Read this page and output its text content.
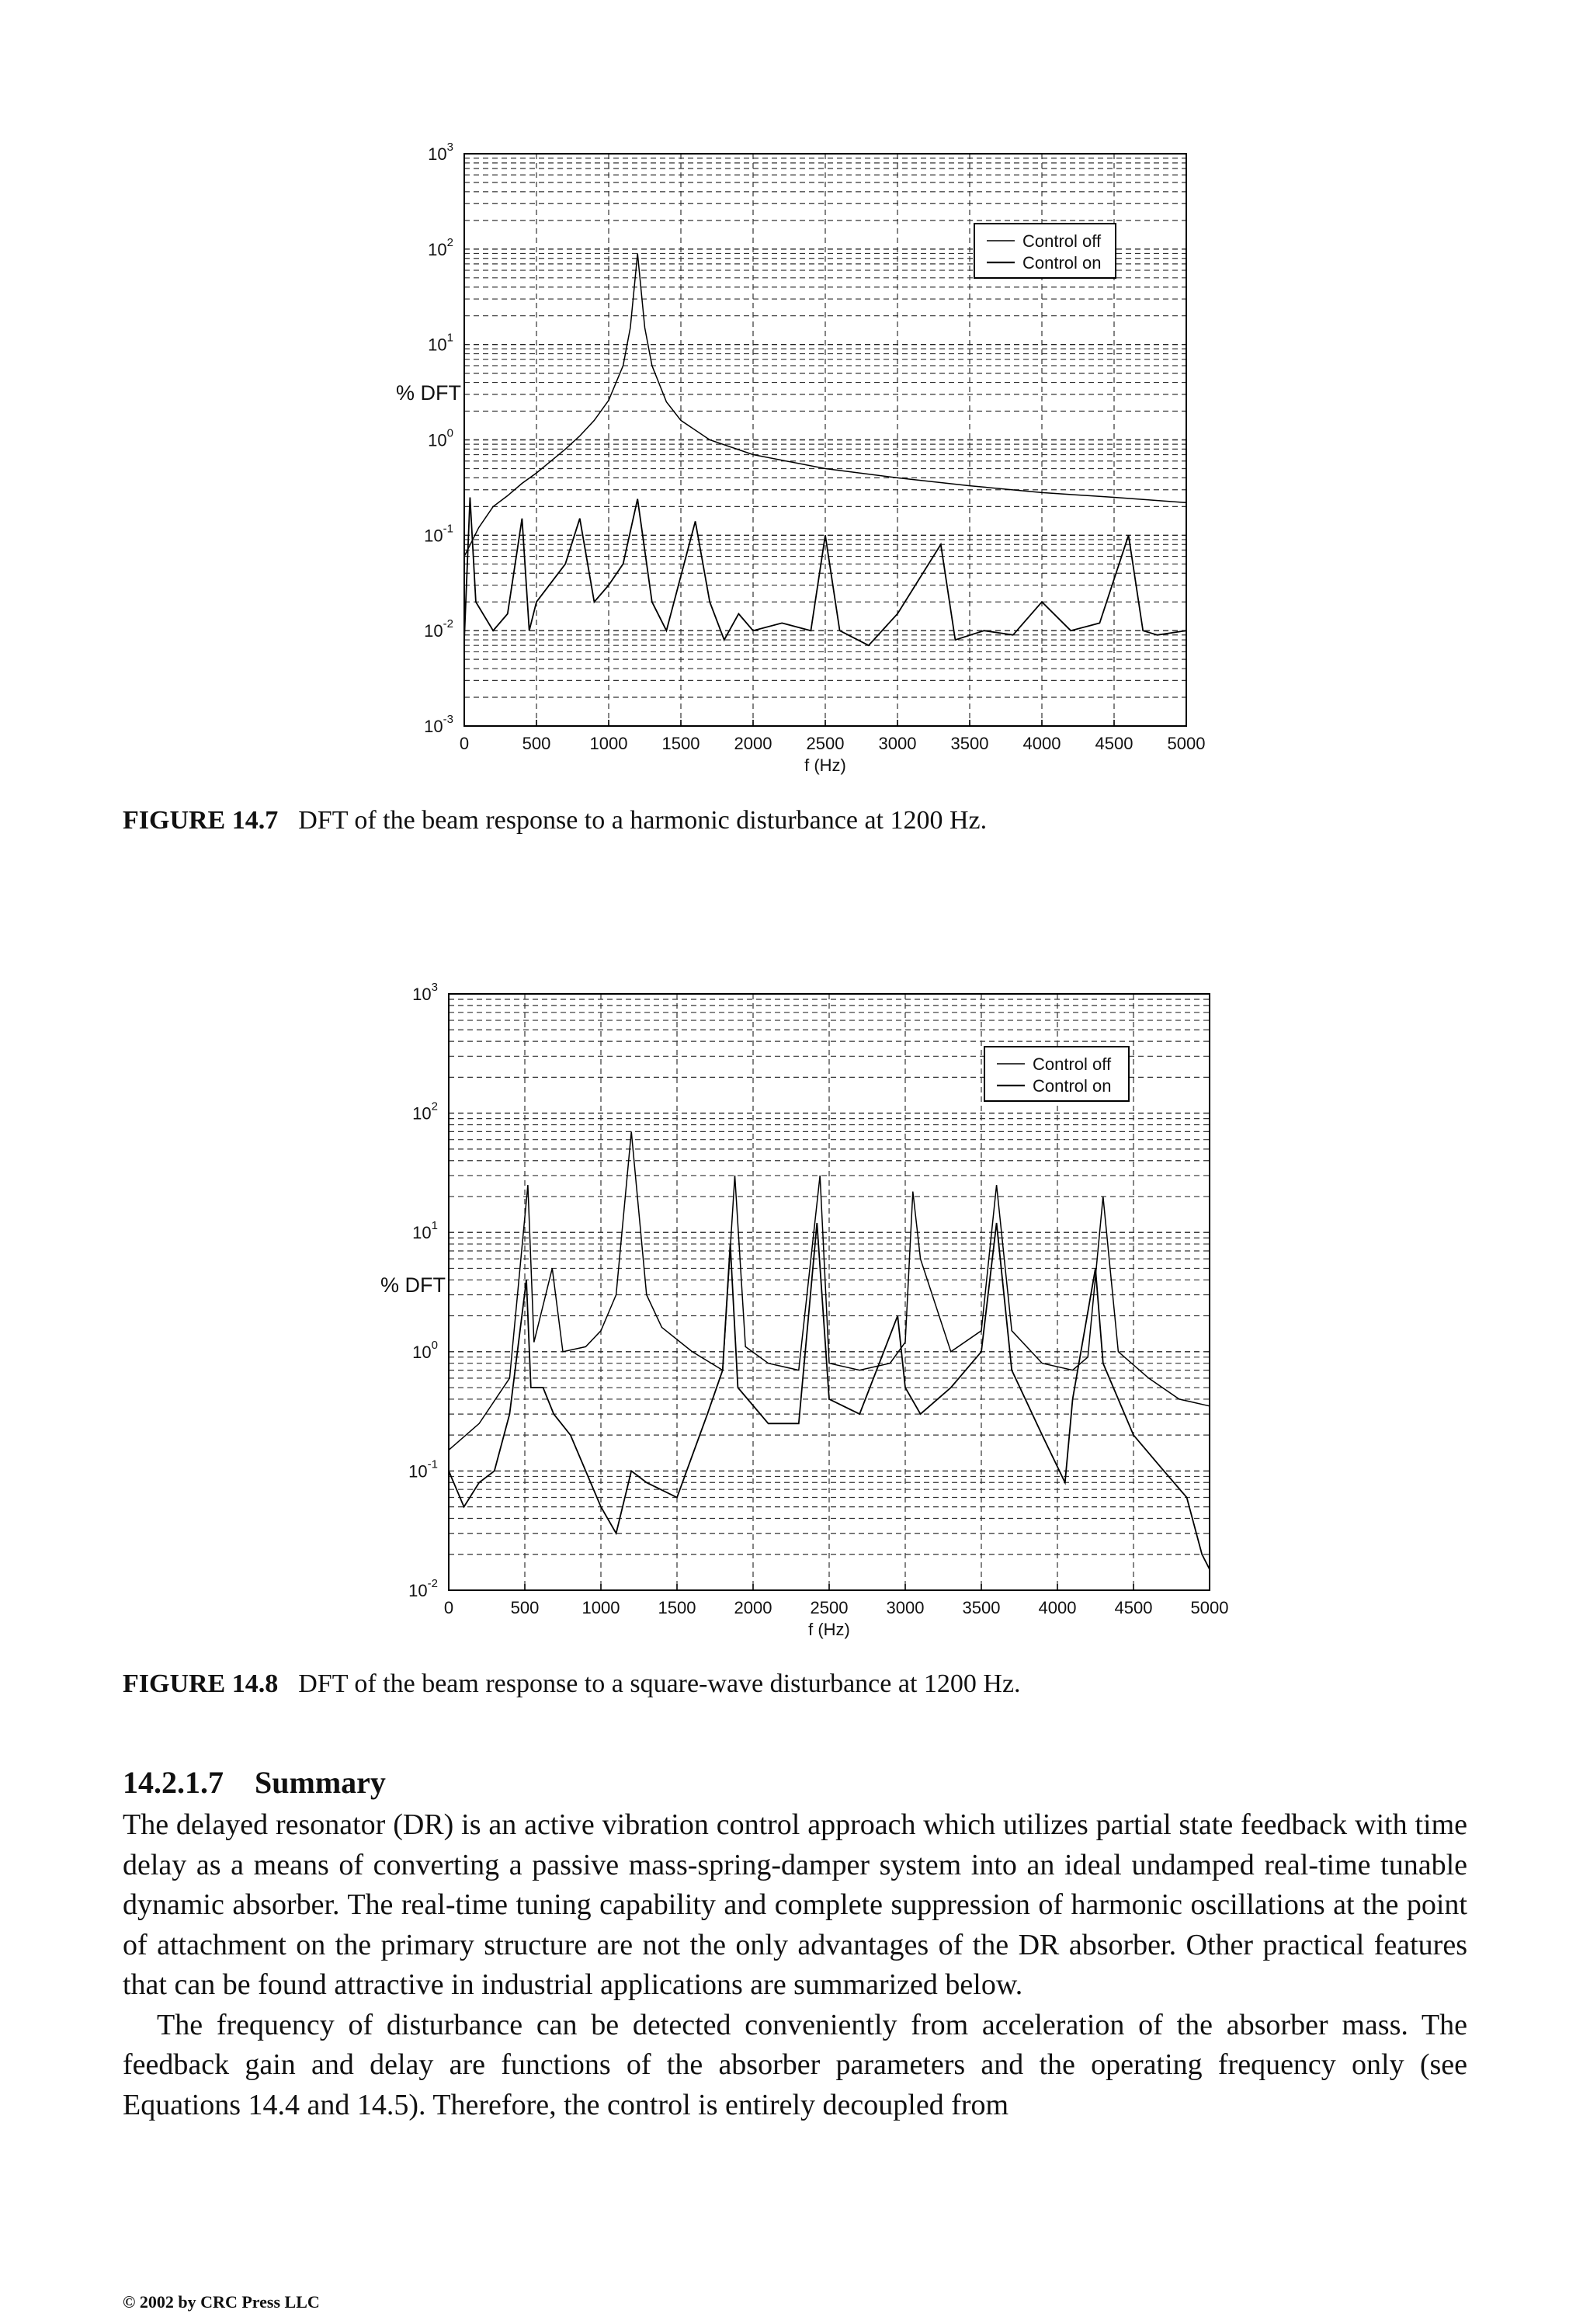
0	500 1000 1500 2000 2500 3000 3500 4000 4500 5000
$10^{-3}$
$10^{-2}$
$10^{-1}$
$10^0$
$10^1$
$10^2$
$10^3$
f (Hz)
% DFT
Control off
Control on
FIGURE 14.7 DFT of the beam response to a harmonic disturbance at 1200 Hz.
0	500	1000 1500 2000 2500 3000 3500 4000 4500 5000
$10^{-2}$
$10^{-1}$
$10^0$
$10^1$
$10^2$
$10^3$
f (Hz)
% DFT
Control off
Control on
FIGURE 14.8 DFT of the beam response to a square-wave disturbance at 1200 Hz.
14.2.1.7 Summary

The delayed resonator (DR) is an active vibration control approach which utilizes partial state feedback with time delay as a means of converting a passive mass-spring-damper system into an ideal undamped real-time tunable dynamic absorber. The real-time tuning capability and complete suppression of harmonic oscillations at the point of attachment on the primary structure are not the only advantages of the DR absorber. Other practical features that can be found attractive in industrial applications are summarized below.

The frequency of disturbance can be detected conveniently from acceleration of the absorber mass. The feedback gain and delay are functions of the absorber parameters and the operating frequency only (see Equations 14.4 and 14.5). Therefore, the control is entirely decoupled from

© 2002 by CRC Press LLC
